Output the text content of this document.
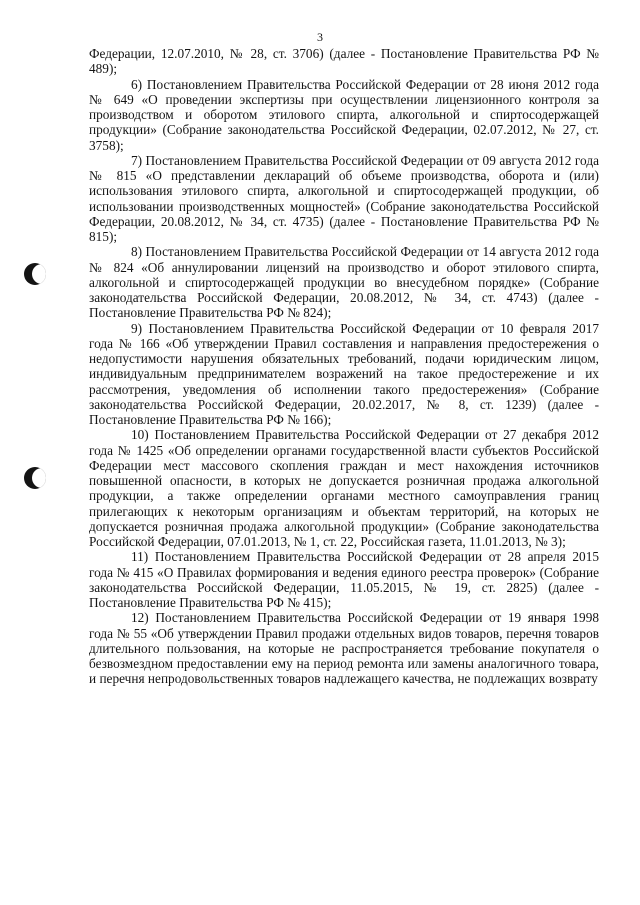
3

Федерации, 12.07.2010, № 28, ст. 3706) (далее - Постановление Правительства РФ № 489);

6) Постановлением Правительства Российской Федерации от 28 июня 2012 года № 649 «О проведении экспертизы при осуществлении лицензионного контроля за производством и оборотом этилового спирта, алкогольной и спиртосодержащей продукции» (Собрание законодательства Российской Федерации, 02.07.2012, № 27, ст. 3758);

7) Постановлением Правительства Российской Федерации от 09 августа 2012 года № 815 «О представлении деклараций об объеме производства, оборота и (или) использования этилового спирта, алкогольной и спиртосодержащей продукции, об использовании производственных мощностей» (Собрание законодательства Российской Федерации, 20.08.2012, № 34, ст. 4735) (далее - Постановление Правительства РФ № 815);

8) Постановлением Правительства Российской Федерации от 14 августа 2012 года № 824 «Об аннулировании лицензий на производство и оборот этилового спирта, алкогольной и спиртосодержащей продукции во внесудебном порядке» (Собрание законодательства Российской Федерации, 20.08.2012, № 34, ст. 4743) (далее - Постановление Правительства РФ № 824);

9) Постановлением Правительства Российской Федерации от 10 февраля 2017 года № 166 «Об утверждении Правил составления и направления предостережения о недопустимости нарушения обязательных требований, подачи юридическим лицом, индивидуальным предпринимателем возражений на такое предостережение и их рассмотрения, уведомления об исполнении такого предостережения» (Собрание законодательства Российской Федерации, 20.02.2017, № 8, ст. 1239) (далее - Постановление Правительства РФ № 166);

10) Постановлением Правительства Российской Федерации от 27 декабря 2012 года № 1425 «Об определении органами государственной власти субъектов Российской Федерации мест массового скопления граждан и мест нахождения источников повышенной опасности, в которых не допускается розничная продажа алкогольной продукции, а также определении органами местного самоуправления границ прилегающих к некоторым организациям и объектам территорий, на которых не допускается розничная продажа алкогольной продукции» (Собрание законодательства Российской Федерации, 07.01.2013, № 1, ст. 22, Российская газета, 11.01.2013, № 3);

11) Постановлением Правительства Российской Федерации от 28 апреля 2015 года № 415 «О Правилах формирования и ведения единого реестра проверок» (Собрание законодательства Российской Федерации, 11.05.2015, № 19, ст. 2825) (далее - Постановление Правительства РФ № 415);

12) Постановлением Правительства Российской Федерации от 19 января 1998 года № 55 «Об утверждении Правил продажи отдельных видов товаров, перечня товаров длительного пользования, на которые не распространяется требование покупателя о безвозмездном предоставлении ему на период ремонта или замены аналогичного товара, и перечня непродовольственных товаров надлежащего качества, не подлежащих возврату
